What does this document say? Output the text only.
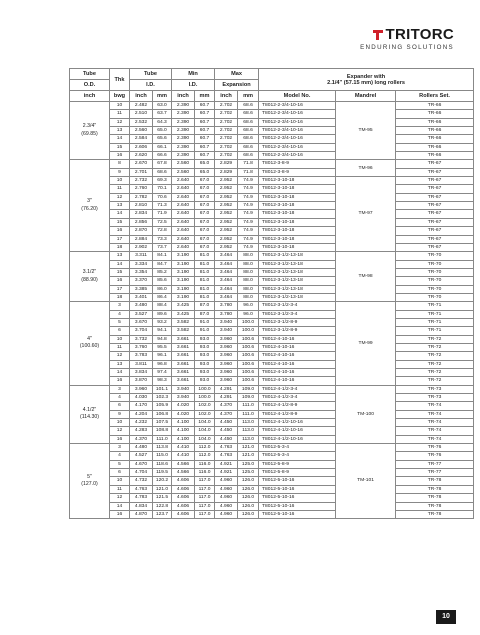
TRITORC
ENDURING SOLUTIONS
Tube	Thk	Tube		Min		Max		Expander with
2.1/4" (57.15 mm) long rollers		
O.D.		I.D.		I.D.		Expansion				
inch	bwg	inch	mm	inch	mm	inch	mm	Model No.	Mandrel	Rollers Set.
2.3/4"
(69.85)	10	2.482	63.0	2.390	60.7	2.702	68.6	T8012-2-3/4-10-16	TM-95	TR-66
	11	2.510	63.7	2.390	60.7	2.702	68.6	T8012-2-3/4-10-16		TR-66
	12	2.532	64.3	2.390	60.7	2.702	68.6	T8012-2-3/4-10-16		TR-66
	13	2.560	65.0	2.390	60.7	2.702	68.6	T8012-2-3/4-10-16		TR-66
	14	2.584	65.6	2.390	60.7	2.702	68.6	T8012-2-3/4-10-16		TR-66
	15	2.606	66.1	2.390	60.7	2.702	68.6	T8012-2-3/4-10-16		TR-66
	16	2.620	66.6	2.390	60.7	2.702	68.6	T8012-2-3/4-10-16		TR-66
3"
(76.20)	8	2.670	67.8	2.560	65.0	2.829	71.8	T8012-3-8-9	TM-96	TR-67
	9	2.701	68.6	2.560	65.0	2.829	71.8	T8012-3-8-9		TR-67
	10	2.732	69.3	2.640	67.0	2.952	74.9	T8012-3-10-18	TM-97	TR-67
	11	2.760	70.1	2.640	67.0	2.952	74.9	T8012-3-10-18		TR-67
	12	2.782	70.6	2.640	67.0	2.952	74.9	T8012-3-10-18		TR-67
	13	2.810	71.3	2.640	67.0	2.952	74.9	T8012-3-10-18		TR-67
	14	2.834	71.9	2.640	67.0	2.952	74.9	T8012-3-10-18		TR-67
	15	2.856	72.5	2.640	67.0	2.952	74.9	T8012-3-10-18		TR-67
	16	2.870	72.8	2.640	67.0	2.952	74.9	T8012-3-10-18		TR-67
	17	2.884	73.3	2.640	67.0	2.952	74.9	T8012-3-10-18		TR-67
	18	2.902	73.7	2.640	67.0	2.952	74.9	T8012-3-10-18		TR-67
3.1/2"
(88.90)	13	3.311	84.1	3.190	81.0	3.464	88.0	T8012-3-1/2-13-18	TM-98	TR-70
	14	3.334	84.7	3.190	81.0	3.464	88.0	T8012-3-1/2-13-18		TR-70
	15	3.354	85.2	3.190	81.0	3.464	88.0	T8012-3-1/2-13-18		TR-70
	16	3.370	85.6	3.190	81.0	3.464	88.0	T8012-3-1/2-13-18		TR-70
	17	3.385	86.0	3.190	81.0	3.464	88.0	T8012-3-1/2-13-18		TR-70
	18	3.401	86.4	3.190	81.0	3.464	88.0	T8012-3-1/2-13-18		TR-70
4"
(100.60)	3	3.480	88.4	3.425	87.0	3.780	96.0	T8012-3-1/2-3-4	TM-99	TR-71
	4	3.527	89.6	3.425	87.0	3.780	96.0	T8012-3-1/2-3-4		TR-71
	5	3.670	93.2	3.582	91.0	3.940	100.0	T8012-3-1/2-8-9		TR-71
	6	3.704	94.1	3.582	91.0	3.940	100.0	T8012-3-1/2-8-9		TR-71
	10	3.732	94.8	3.661	93.0	3.960	100.6	T8012-4-10-16		TR-72
	11	3.760	95.5	3.661	93.0	3.960	100.6	T8012-4-10-16		TR-72
	12	3.783	96.1	3.661	93.0	3.960	100.6	T8012-4-10-16		TR-72
	13	3.811	96.8	3.661	93.0	3.960	100.6	T8012-4-10-16		TR-72
	14	3.834	97.4	3.661	93.0	3.960	100.6	T8012-4-10-16		TR-72
	16	3.870	98.3	3.661	93.0	3.960	100.6	T8012-4-10-16		TR-72
4.1/2"
(114.30)	3	3.960	101.1	3.940	100.0	4.291	109.0	T8012-4-1/2-3-4	TM-100	TR-73
	4	4.030	102.3	3.940	100.0	4.291	109.0	T8012-4-1/2-3-4		TR-73
	6	4.170	105.9	4.020	102.0	4.370	111.0	T8012-4-1/2-8-9		TR-74
	9	4.204	106.8	4.020	102.0	4.370	111.0	T8012-4-1/2-8-9		TR-74
	10	4.232	107.5	4.100	104.0	4.450	113.0	T8012-4-1/2-10-16		TR-74
	12	4.283	108.8	4.100	104.0	4.450	113.0	T8012-4-1/2-10-16		TR-74
	16	4.370	111.0	4.100	104.0	4.450	113.0	T8012-4-1/2-10-16		TR-74
5"
(127.0)	3	4.480	113.8	4.410	112.0	4.763	121.0	T8012-5-3-4	TM-101	TR-76
	4	4.527	115.0	4.410	112.0	4.763	121.0	T8012-5-3-4		TR-76
	5	4.670	118.6	4.566	116.0	4.921	125.0	T8012-5-8-9		TR-77
	6	4.704	119.5	4.566	116.0	4.921	125.0	T8012-5-8-9		TR-77
	10	4.732	120.2	4.606	117.0	4.960	126.0	T8012-5-10-16		TR-78
	11	4.763	121.0	4.606	117.0	4.960	126.0	T8012-5-10-16		TR-78
	12	4.783	121.5	4.606	117.0	4.960	126.0	T8012-5-10-16		TR-78
	14	4.834	122.8	4.606	117.0	4.960	126.0	T8012-5-10-16		TR-78
	16	4.870	123.7	4.606	117.0	4.960	126.0	T8012-5-10-16		TR-78
10
